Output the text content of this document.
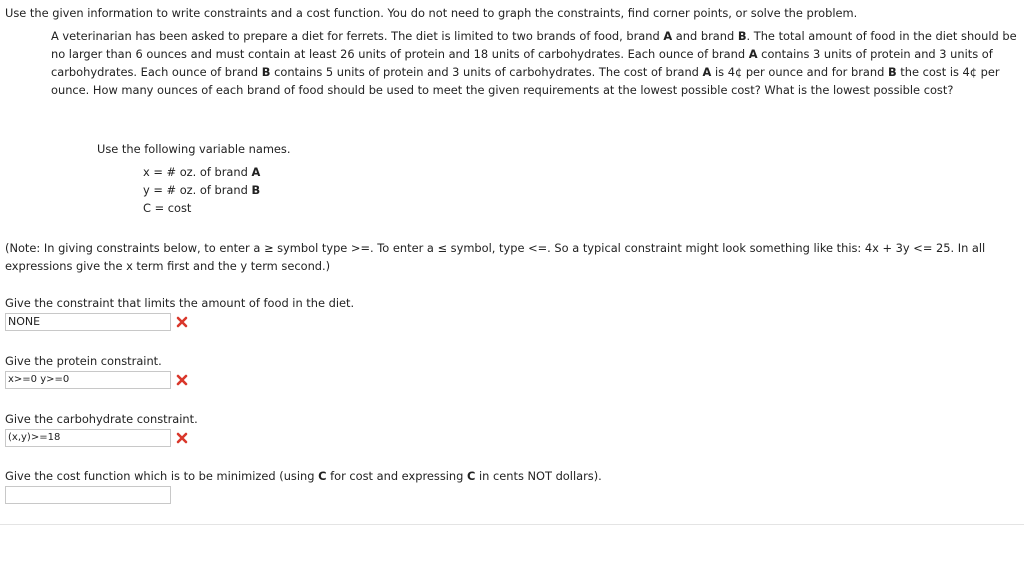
Use the given information to write constraints and a cost function. You do not need to graph the constraints, find corner points, or solve the problem.

A veterinarian has been asked to prepare a diet for ferrets. The diet is limited to two brands of food, brand A and brand B. The total amount of food in the diet should be no larger than 6 ounces and must contain at least 26 units of protein and 18 units of carbohydrates. Each ounce of brand A contains 3 units of protein and 3 units of carbohydrates. Each ounce of brand B contains 5 units of protein and 3 units of carbohydrates. The cost of brand A is 4¢ per ounce and for brand B the cost is 4¢ per ounce. How many ounces of each brand of food should be used to meet the given requirements at the lowest possible cost? What is the lowest possible cost?

Use the following variable names.
x = # oz. of brand A
y = # oz. of brand B
C = cost
(Note: In giving constraints below, to enter a ≥ symbol type >=. To enter a ≤ symbol, type <=. So a typical constraint might look something like this: 4x + 3y <= 25. In all expressions give the x term first and the y term second.)
Give the constraint that limits the amount of food in the diet.
NONE
Give the protein constraint.
x>=0 y>=0
Give the carbohydrate constraint.
(x,y)>=18
Give the cost function which is to be minimized (using C for cost and expressing C in cents NOT dollars).
